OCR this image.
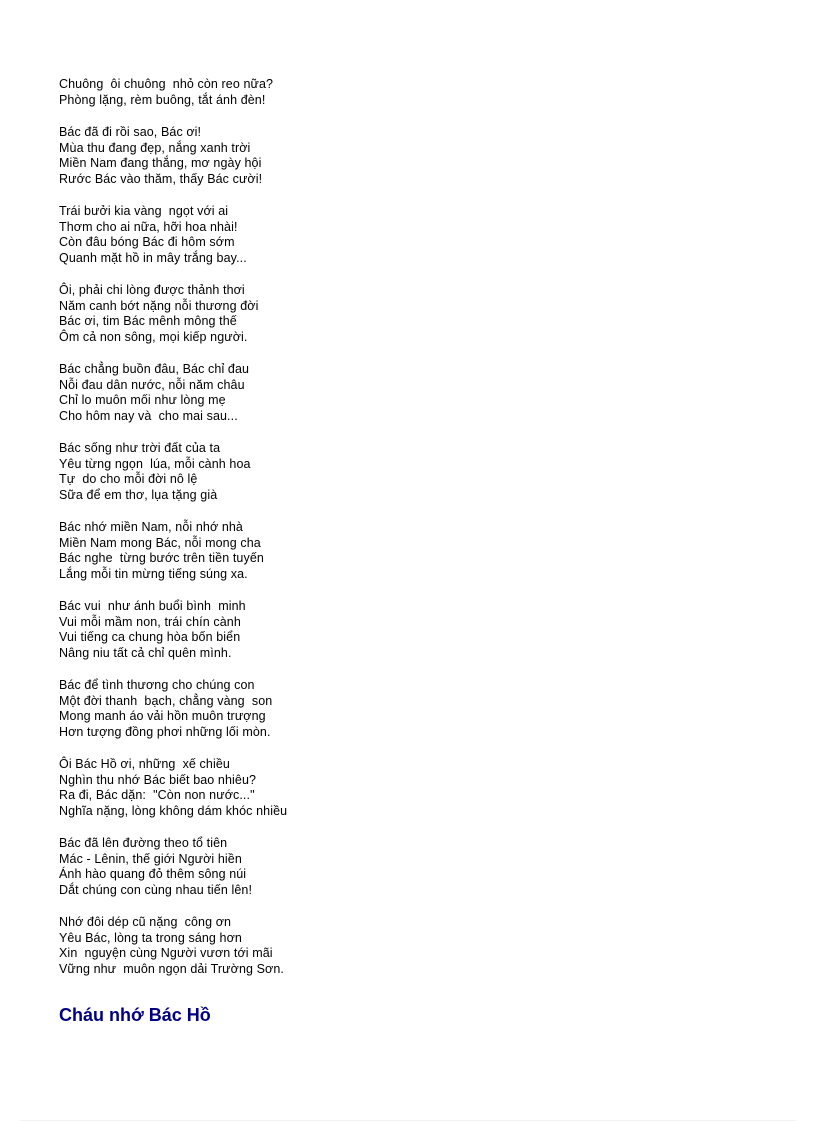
Chuông  ôi chuông  nhỏ còn reo nữa?
Phòng lặng, rèm buông, tắt ánh đèn!
Bác đã đi rồi sao, Bác ơi!
Mùa thu đang đẹp, nắng xanh trời
Miền Nam đang thắng, mơ ngày hội
Rước Bác vào thăm, thấy Bác cười!
Trái bưởi kia vàng  ngọt với ai
Thơm cho ai nữa, hỡi hoa nhài!
Còn đâu bóng Bác đi hôm sớm
Quanh mặt hồ in mây trắng bay...
Ôi, phải chi lòng được thảnh thơi
Năm canh bớt nặng nỗi thương đời
Bác ơi, tim Bác mênh mông thế
Ôm cả non sông, mọi kiếp người.
Bác chẳng buồn đâu, Bác chỉ đau
Nỗi đau dân nước, nỗi năm châu
Chỉ lo muôn mối như lòng mẹ
Cho hôm nay và  cho mai sau...
Bác sống như trời đất của ta
Yêu từng ngọn  lúa, mỗi cành hoa
Tự  do cho mỗi đời nô lệ
Sữa để em thơ, lụa tặng già
Bác nhớ miền Nam, nỗi nhớ nhà
Miền Nam mong Bác, nỗi mong cha
Bác nghe  từng bước trên tiền tuyến
Lắng mỗi tin mừng tiếng súng xa.
Bác vui  như ánh buổi bình  minh
Vui mỗi mầm non, trái chín cành
Vui tiếng ca chung hòa bốn biển
Nâng niu tất cả chỉ quên mình.
Bác để tình thương cho chúng con
Một đời thanh  bạch, chẳng vàng  son
Mong manh áo vải hồn muôn trượng
Hơn tượng đồng phơi những lối mòn.
Ôi Bác Hồ ơi, những  xế chiều
Nghìn thu nhớ Bác biết bao nhiêu?
Ra đi, Bác dặn:  "Còn non nước..."
Nghĩa nặng, lòng không dám khóc nhiều
Bác đã lên đường theo tổ tiên
Mác - Lênin, thế giới Người hiền
Ánh hào quang đỏ thêm sông núi
Dắt chúng con cùng nhau tiến lên!
Nhớ đôi dép cũ nặng  công ơn
Yêu Bác, lòng ta trong sáng hơn
Xin  nguyện cùng Người vươn tới mãi
Vững như  muôn ngọn dải Trường Sơn.
Cháu nhớ Bác Hồ
